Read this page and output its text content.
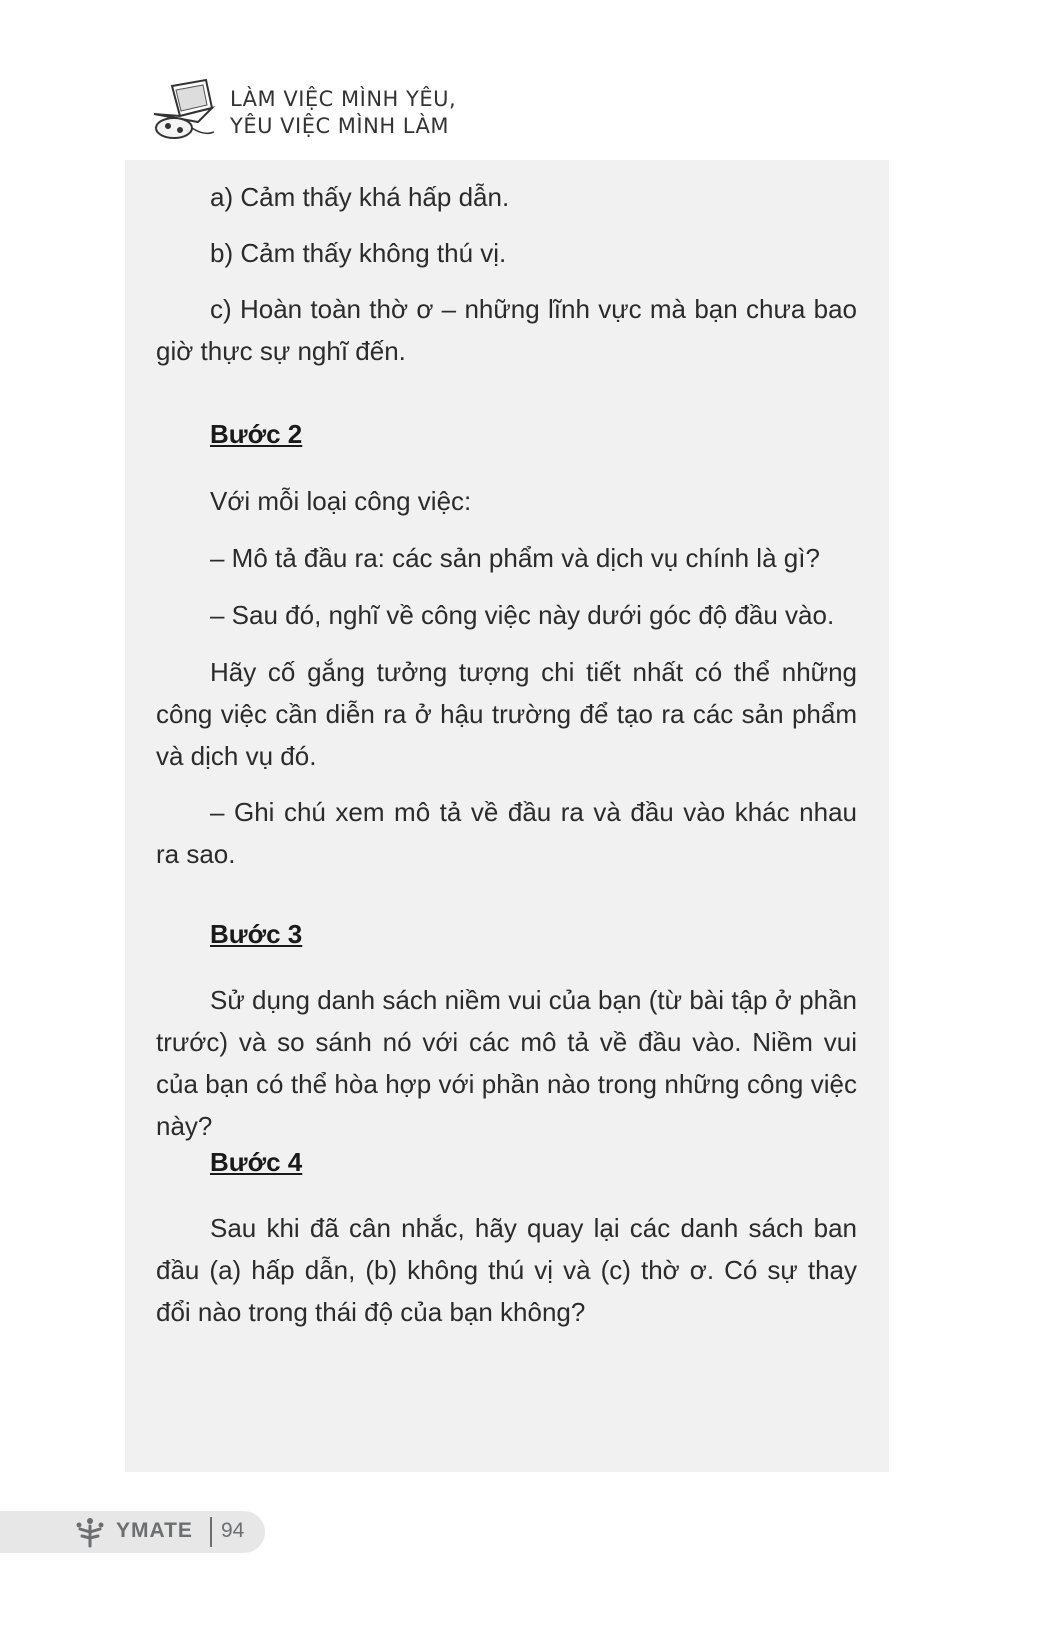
LÀM VIỆC MÌNH YÊU,
YÊU VIỆC MÌNH LÀM
a) Cảm thấy khá hấp dẫn.
b) Cảm thấy không thú vị.
c) Hoàn toàn thờ ơ – những lĩnh vực mà bạn chưa bao giờ thực sự nghĩ đến.
Bước 2
Với mỗi loại công việc:
– Mô tả đầu ra: các sản phẩm và dịch vụ chính là gì?
– Sau đó, nghĩ về công việc này dưới góc độ đầu vào.
Hãy cố gắng tưởng tượng chi tiết nhất có thể những công việc cần diễn ra ở hậu trường để tạo ra các sản phẩm và dịch vụ đó.
– Ghi chú xem mô tả về đầu ra và đầu vào khác nhau ra sao.
Bước 3
Sử dụng danh sách niềm vui của bạn (từ bài tập ở phần trước) và so sánh nó với các mô tả về đầu vào. Niềm vui của bạn có thể hòa hợp với phần nào trong những công việc này?
Bước 4
Sau khi đã cân nhắc, hãy quay lại các danh sách ban đầu (a) hấp dẫn, (b) không thú vị và (c) thờ ơ. Có sự thay đổi nào trong thái độ của bạn không?
YMATE 94
